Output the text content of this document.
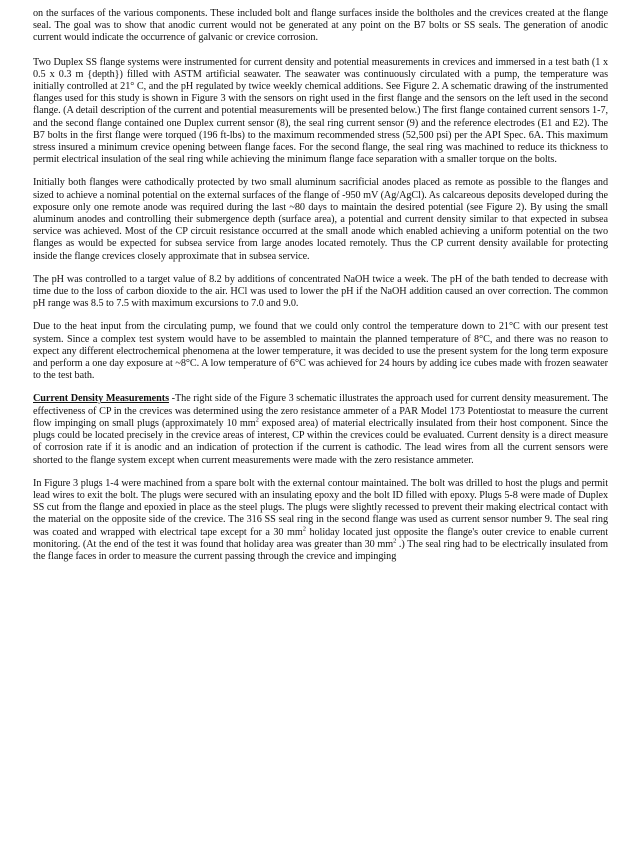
on the surfaces of the various components. These included bolt and flange surfaces inside the boltholes and the crevices created at the flange seal. The goal was to show that anodic current would not be generated at any point on the B7 bolts or SS seals. The generation of anodic current would indicate the occurrence of galvanic or crevice corrosion.

Two Duplex SS flange systems were instrumented for current density and potential measurements in crevices and immersed in a test bath (1 x 0.5 x 0.3 m {depth}) filled with ASTM artificial seawater. The seawater was continuously circulated with a pump, the temperature was initially controlled at 21° C, and the pH regulated by twice weekly chemical additions. See Figure 2. A schematic drawing of the instrumented flanges used for this study is shown in Figure 3 with the sensors on right used in the first flange and the sensors on the left used in the second flange. (A detail description of the current and potential measurements will be presented below.) The first flange contained current sensors 1-7, and the second flange contained one Duplex current sensor (8), the seal ring current sensor (9) and the reference electrodes (E1 and E2). The B7 bolts in the first flange were torqued (196 ft-lbs) to the maximum recommended stress (52,500 psi) per the API Spec. 6A. This maximum stress insured a minimum crevice opening between flange faces. For the second flange, the seal ring was machined to reduce its thickness to permit electrical insulation of the seal ring while achieving the minimum flange face separation with a smaller torque on the bolts.

Initially both flanges were cathodically protected by two small aluminum sacrificial anodes placed as remote as possible to the flanges and sized to achieve a nominal potential on the external surfaces of the flange of -950 mV (Ag/AgCl). As calcareous deposits developed during the exposure only one remote anode was required during the last ~80 days to maintain the desired potential (see Figure 2). By using the small aluminum anodes and controlling their submergence depth (surface area), a potential and current density similar to that expected in subsea service was achieved. Most of the CP circuit resistance occurred at the small anode which enabled achieving a uniform potential on the two flanges as would be expected for subsea service from large anodes located remotely. Thus the CP current density available for protecting inside the flange crevices closely approximate that in subsea service.

The pH was controlled to a target value of 8.2 by additions of concentrated NaOH twice a week. The pH of the bath tended to decrease with time due to the loss of carbon dioxide to the air. HCl was used to lower the pH if the NaOH addition caused an over correction. The common pH range was 8.5 to 7.5 with maximum excursions to 7.0 and 9.0.

Due to the heat input from the circulating pump, we found that we could only control the temperature down to 21°C with our present test system. Since a complex test system would have to be assembled to maintain the planned temperature of 8°C, and there was no reason to expect any different electrochemical phenomena at the lower temperature, it was decided to use the present system for the long term exposure and perform a one day exposure at ~8°C. A low temperature of 6°C was achieved for 24 hours by adding ice cubes made with frozen seawater to the test bath.

Current Density Measurements -The right side of the Figure 3 schematic illustrates the approach used for current density measurement. The effectiveness of CP in the crevices was determined using the zero resistance ammeter of a PAR Model 173 Potentiostat to measure the current flow impinging on small plugs (approximately 10 $mm^2$ exposed area) of material electrically insulated from their host component. Since the plugs could be located precisely in the crevice areas of interest, CP within the crevices could be evaluated. Current density is a direct measure of corrosion rate if it is anodic and an indication of protection if the current is cathodic. The lead wires from all the current sensors were shorted to the flange system except when current measurements were made with the zero resistance ammeter.

In Figure 3 plugs 1-4 were machined from a spare bolt with the external contour maintained. The bolt was drilled to host the plugs and permit lead wires to exit the bolt. The plugs were secured with an insulating epoxy and the bolt ID filled with epoxy. Plugs 5-8 were made of Duplex SS cut from the flange and epoxied in place as the steel plugs. The plugs were slightly recessed to prevent their making electrical contact with the material on the opposite side of the crevice. The 316 SS seal ring in the second flange was used as current sensor number 9. The seal ring was coated and wrapped with electrical tape except for a 30 $mm^2$ holiday located just opposite the flange's outer crevice to enable current monitoring. (At the end of the test it was found that holiday area was greater than 30 $mm^2$ .) The seal ring had to be electrically insulated from the flange faces in order to measure the current passing through the crevice and impinging
